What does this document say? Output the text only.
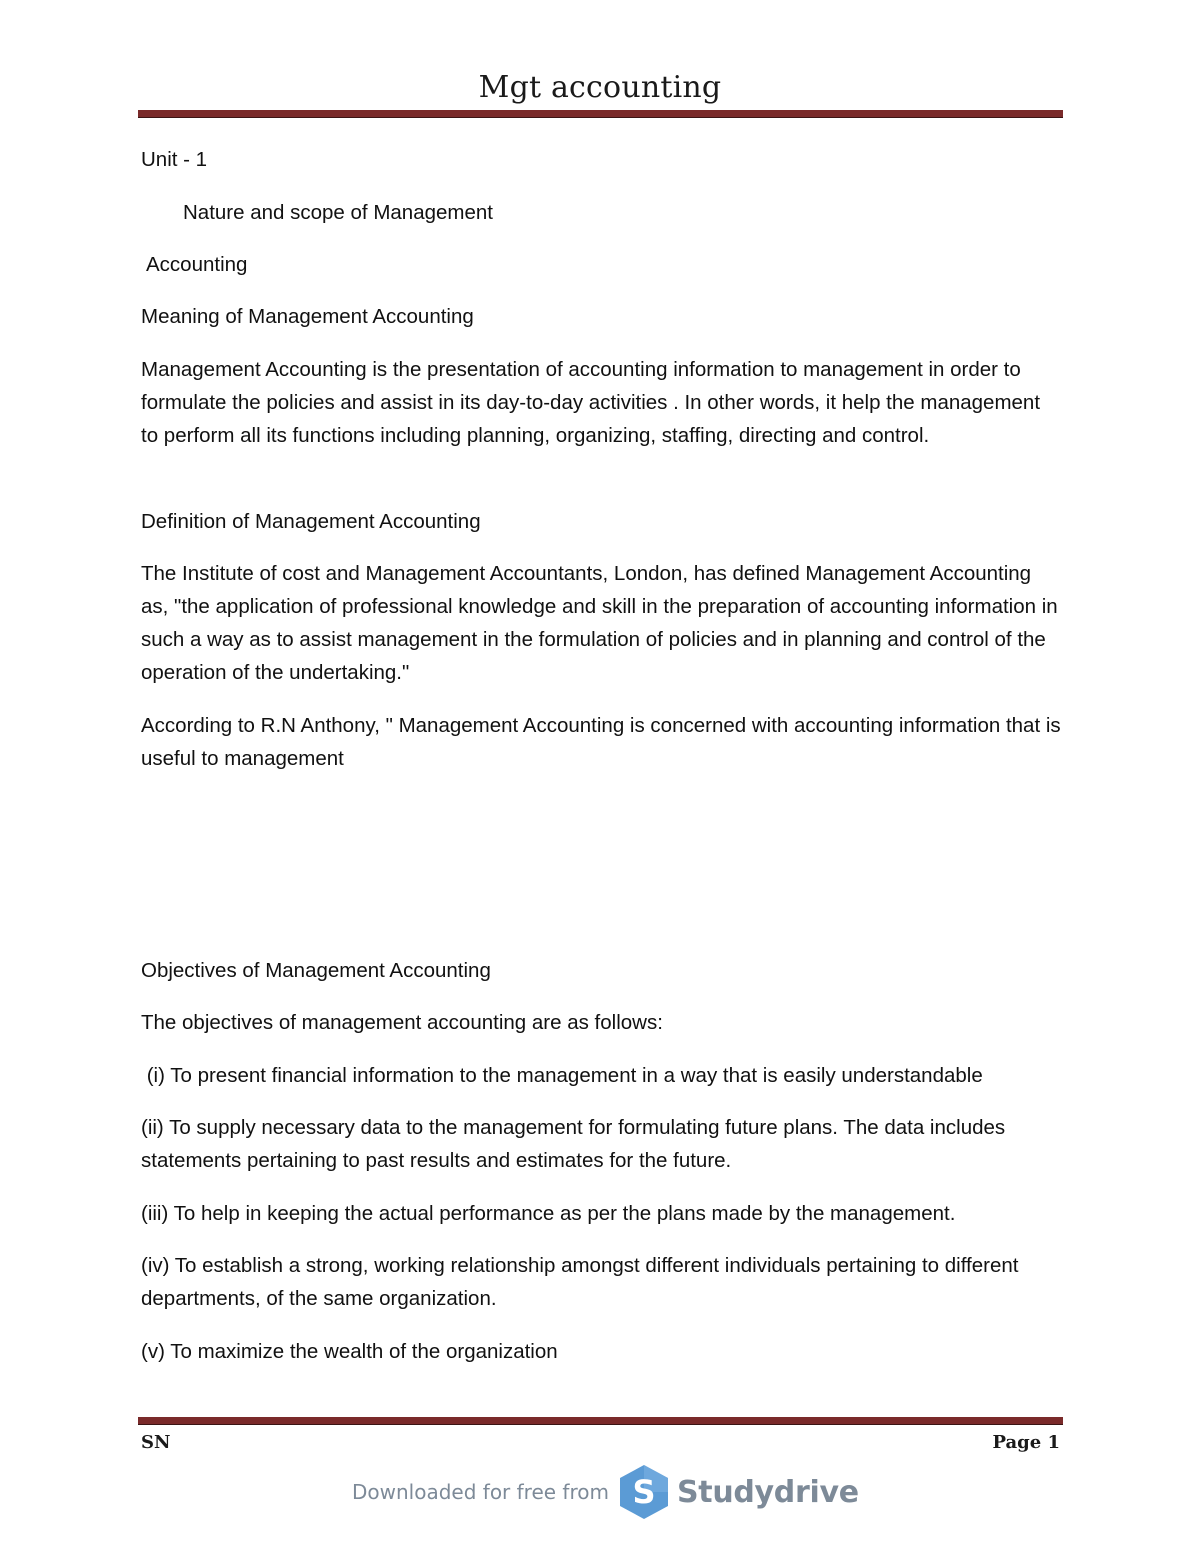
Mgt accounting

Unit - 1

Nature and scope of Management

Accounting

Meaning of Management Accounting

Management Accounting is the presentation of accounting information to management in order to formulate the policies and assist in its day-to-day activities . In other words, it help the management to perform all its functions including planning, organizing, staffing, directing and control.

Definition of Management Accounting

The Institute of cost and Management Accountants, London, has defined Management Accounting as, "the application of professional knowledge and skill in the preparation of accounting information in such a way as to assist management in the formulation of policies and in planning and control of the operation of the undertaking."

According to R.N Anthony, " Management Accounting is concerned with accounting information that is useful to management

Objectives of Management Accounting

The objectives of management accounting are as follows:

(i) To present financial information to the management in a way that is easily understandable

(ii) To supply necessary data to the management for formulating future plans. The data includes statements pertaining to past results and estimates for the future.

(iii) To help in keeping the actual performance as per the plans made by the management.

(iv) To establish a strong, working relationship amongst different individuals pertaining to different departments, of the same organization.

(v) To maximize the wealth of the organization

SN	Page 1
Downloaded for free from S Studydrive
